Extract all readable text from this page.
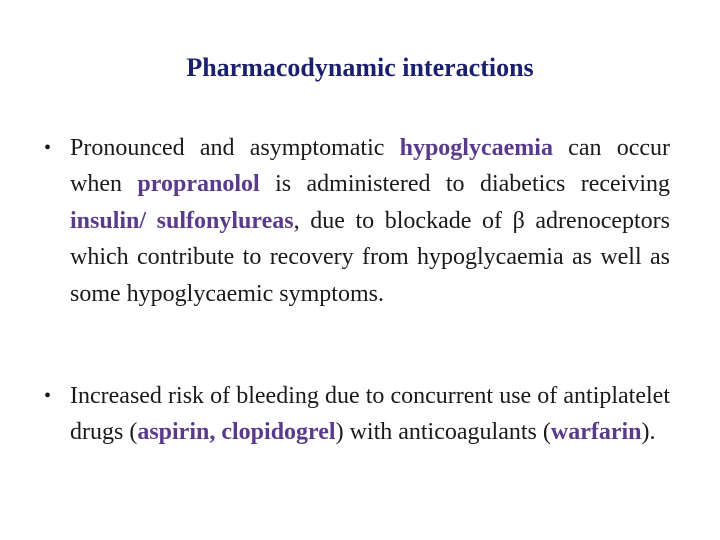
Pharmacodynamic interactions
• Pronounced and asymptomatic hypoglycaemia can occur when propranolol is administered to diabetics receiving insulin/ sulfonylureas, due to blockade of β adrenoceptors which contribute to recovery from hypoglycaemia as well as some hypoglycaemic symptoms.
• Increased risk of bleeding due to concurrent use of antiplatelet drugs (aspirin, clopidogrel) with anticoagulants (warfarin).
